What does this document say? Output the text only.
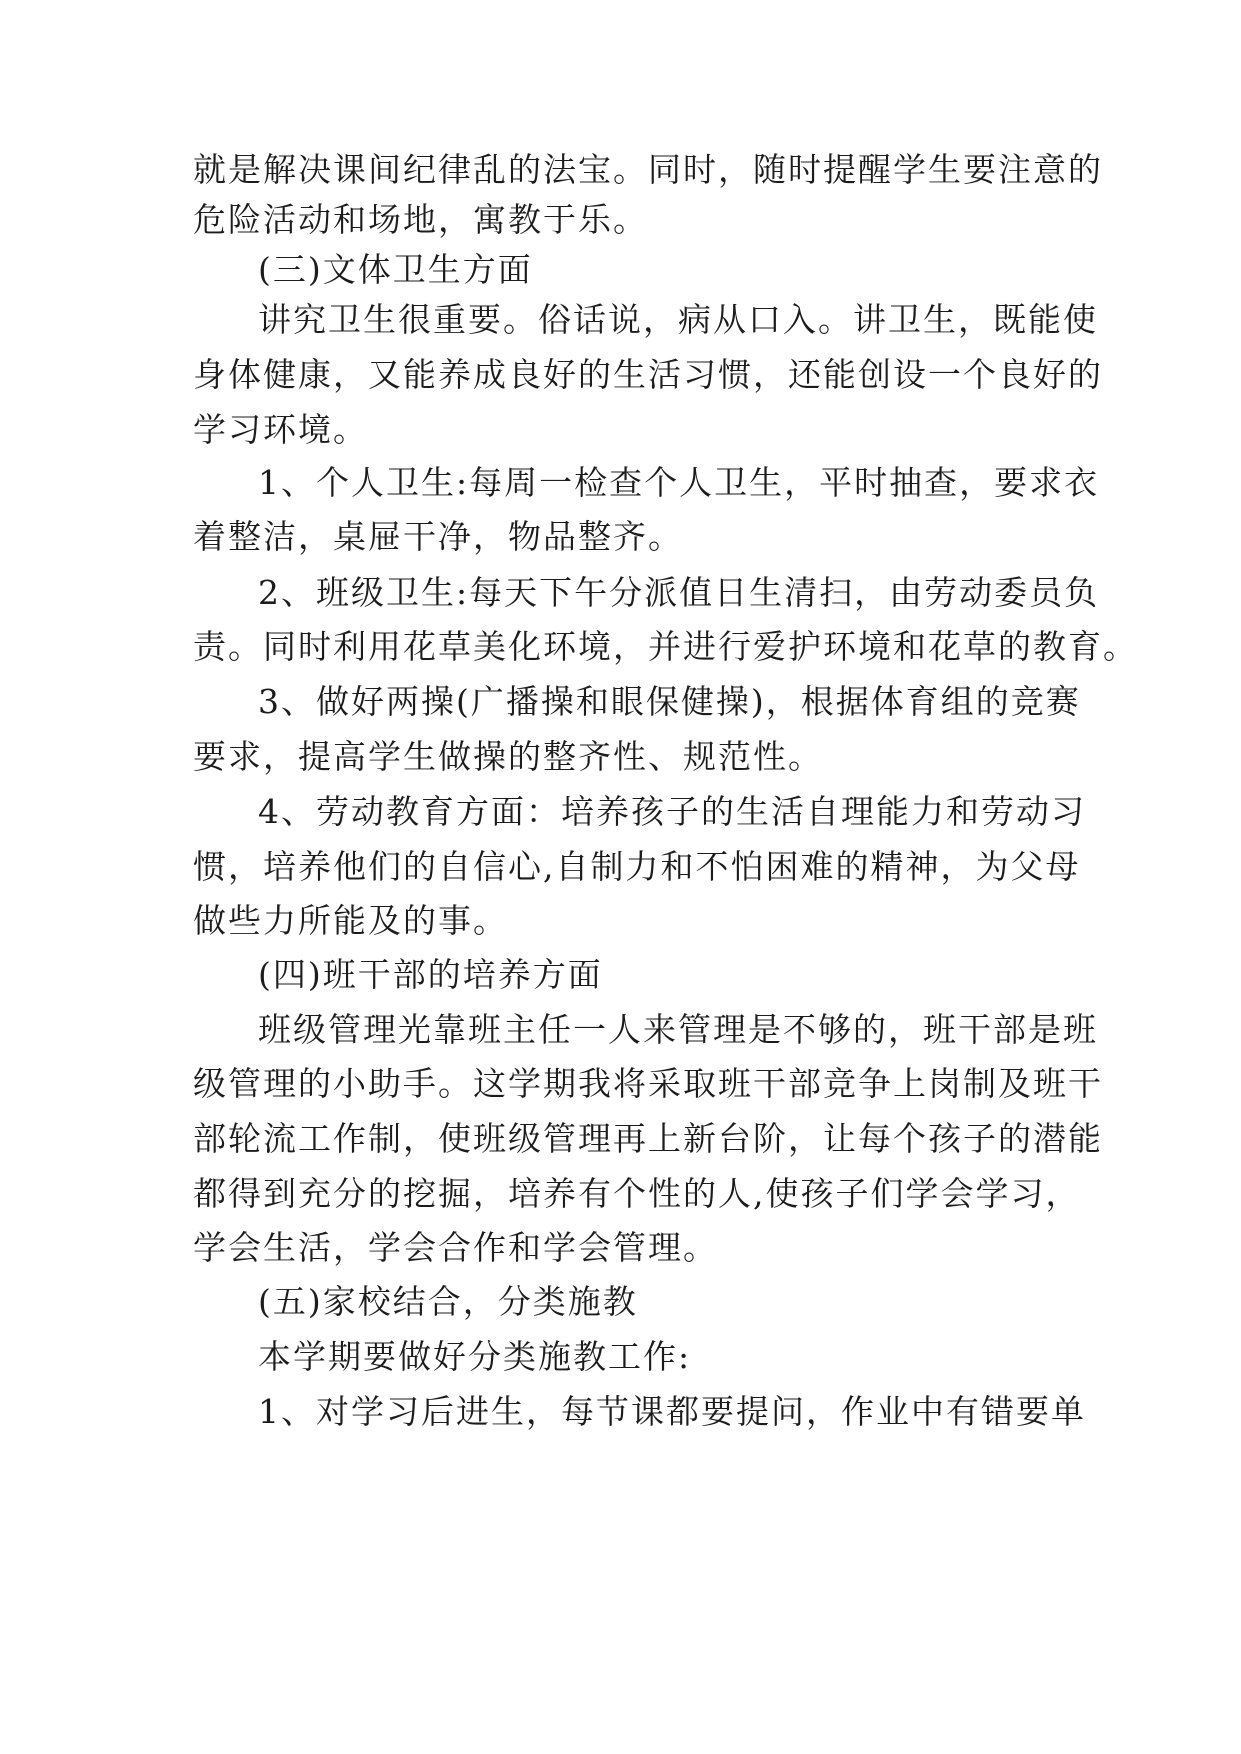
就是解决课间纪律乱的法宝。同时，随时提醒学生要注意的
危险活动和场地，寓教于乐。
(三)文体卫生方面
讲究卫生很重要。俗话说，病从口入。讲卫生，既能使
身体健康，又能养成良好的生活习惯，还能创设一个良好的
学习环境。
1、个人卫生:每周一检查个人卫生，平时抽查，要求衣
着整洁，桌屉干净，物品整齐。
2、班级卫生:每天下午分派值日生清扫，由劳动委员负
责。同时利用花草美化环境，并进行爱护环境和花草的教育。
3、做好两操(广播操和眼保健操)，根据体育组的竞赛
要求，提高学生做操的整齐性、规范性。
4、劳动教育方面：培养孩子的生活自理能力和劳动习
惯，培养他们的自信心,自制力和不怕困难的精神，为父母
做些力所能及的事。
(四)班干部的培养方面
班级管理光靠班主任一人来管理是不够的，班干部是班
级管理的小助手。这学期我将采取班干部竞争上岗制及班干
部轮流工作制，使班级管理再上新台阶，让每个孩子的潜能
都得到充分的挖掘，培养有个性的人,使孩子们学会学习，
学会生活，学会合作和学会管理。
(五)家校结合，分类施教
本学期要做好分类施教工作:
1、对学习后进生，每节课都要提问，作业中有错要单
